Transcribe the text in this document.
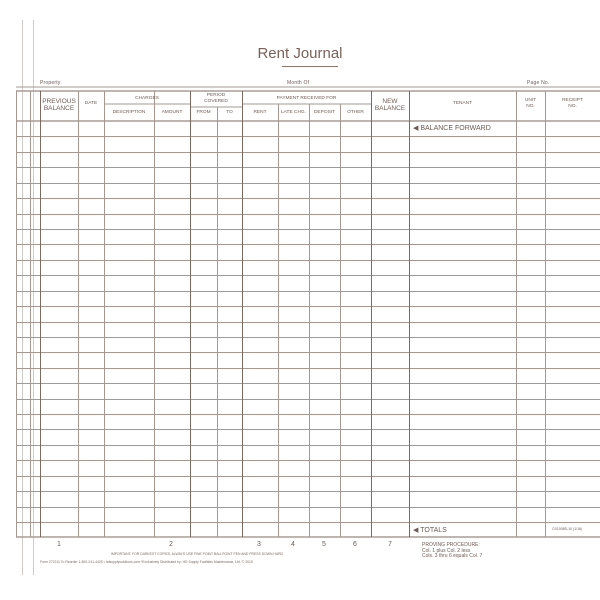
Rent Journal
Property	Month Of	Page No.
PREVIOUS
BALANCE
DATE
CHARGES
DESCRIPTION	AMOUNT
PERIOD
COVERED
FROM	TO
PAYMENT RECEIVED FOR
RENT	LATE CHG.	DEPOSIT	OTHER
NEW
BALANCE
TENANT
UNIT
NO.
RECEIPT
NO.
◀ BALANCE FORWARD
◀ TOTALS	CS1008S-10 (1/16)
1	2	3	4	5	6	7
IMPORTANT: FOR DARKEST COPIES, ALWAYS USE FINE POINT BALLPOINT PEN AND PRESS DOWN HARD
Form 272211 To Reorder 1-800-241-4425 • hdsupplysolutions.com *Exclusively Distributed by: HD Supply Facilities Maintenance, Ltd. © 2015
PROVING PROCEDURE:
Col. 1 plus Col. 2 less
Cols. 3 thru 6 equals Col. 7
